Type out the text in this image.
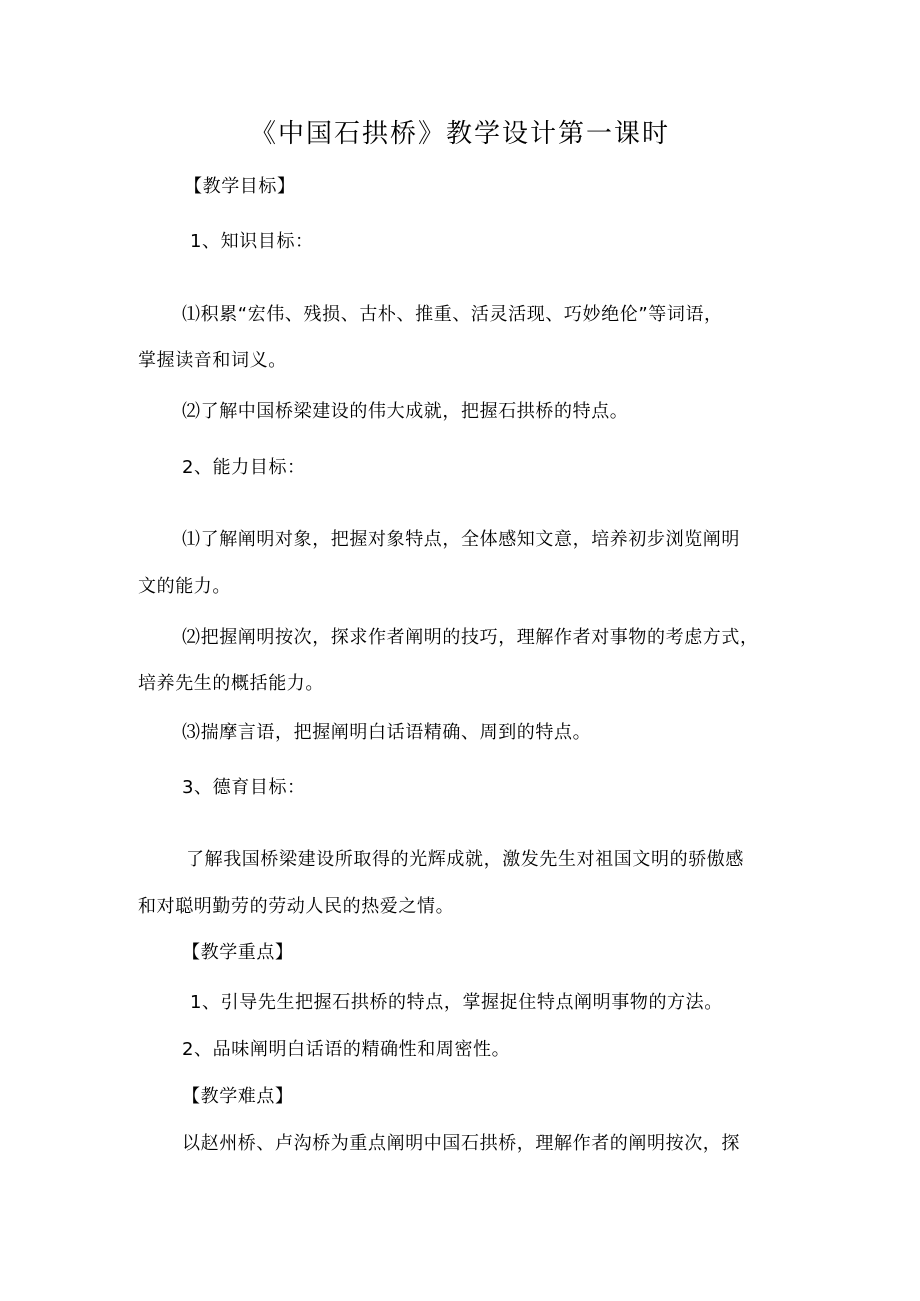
《中国石拱桥》教学设计第一课时
【教学目标】
1、知识目标：
⑴积累“宏伟、残损、古朴、推重、活灵活现、巧妙绝伦”等词语，
掌握读音和词义。
⑵了解中国桥梁建设的伟大成就，把握石拱桥的特点。
2、能力目标：
⑴了解阐明对象，把握对象特点，全体感知文意，培养初步浏览阐明
文的能力。
⑵把握阐明按次，探求作者阐明的技巧，理解作者对事物的考虑方式，
培养先生的概括能力。
⑶揣摩言语，把握阐明白话语精确、周到的特点。
3、德育目标：
了解我国桥梁建设所取得的光辉成就，激发先生对祖国文明的骄傲感
和对聪明勤劳的劳动人民的热爱之情。
【教学重点】
1、引导先生把握石拱桥的特点，掌握捉住特点阐明事物的方法。
2、品味阐明白话语的精确性和周密性。
【教学难点】
以赵州桥、卢沟桥为重点阐明中国石拱桥，理解作者的阐明按次，探
